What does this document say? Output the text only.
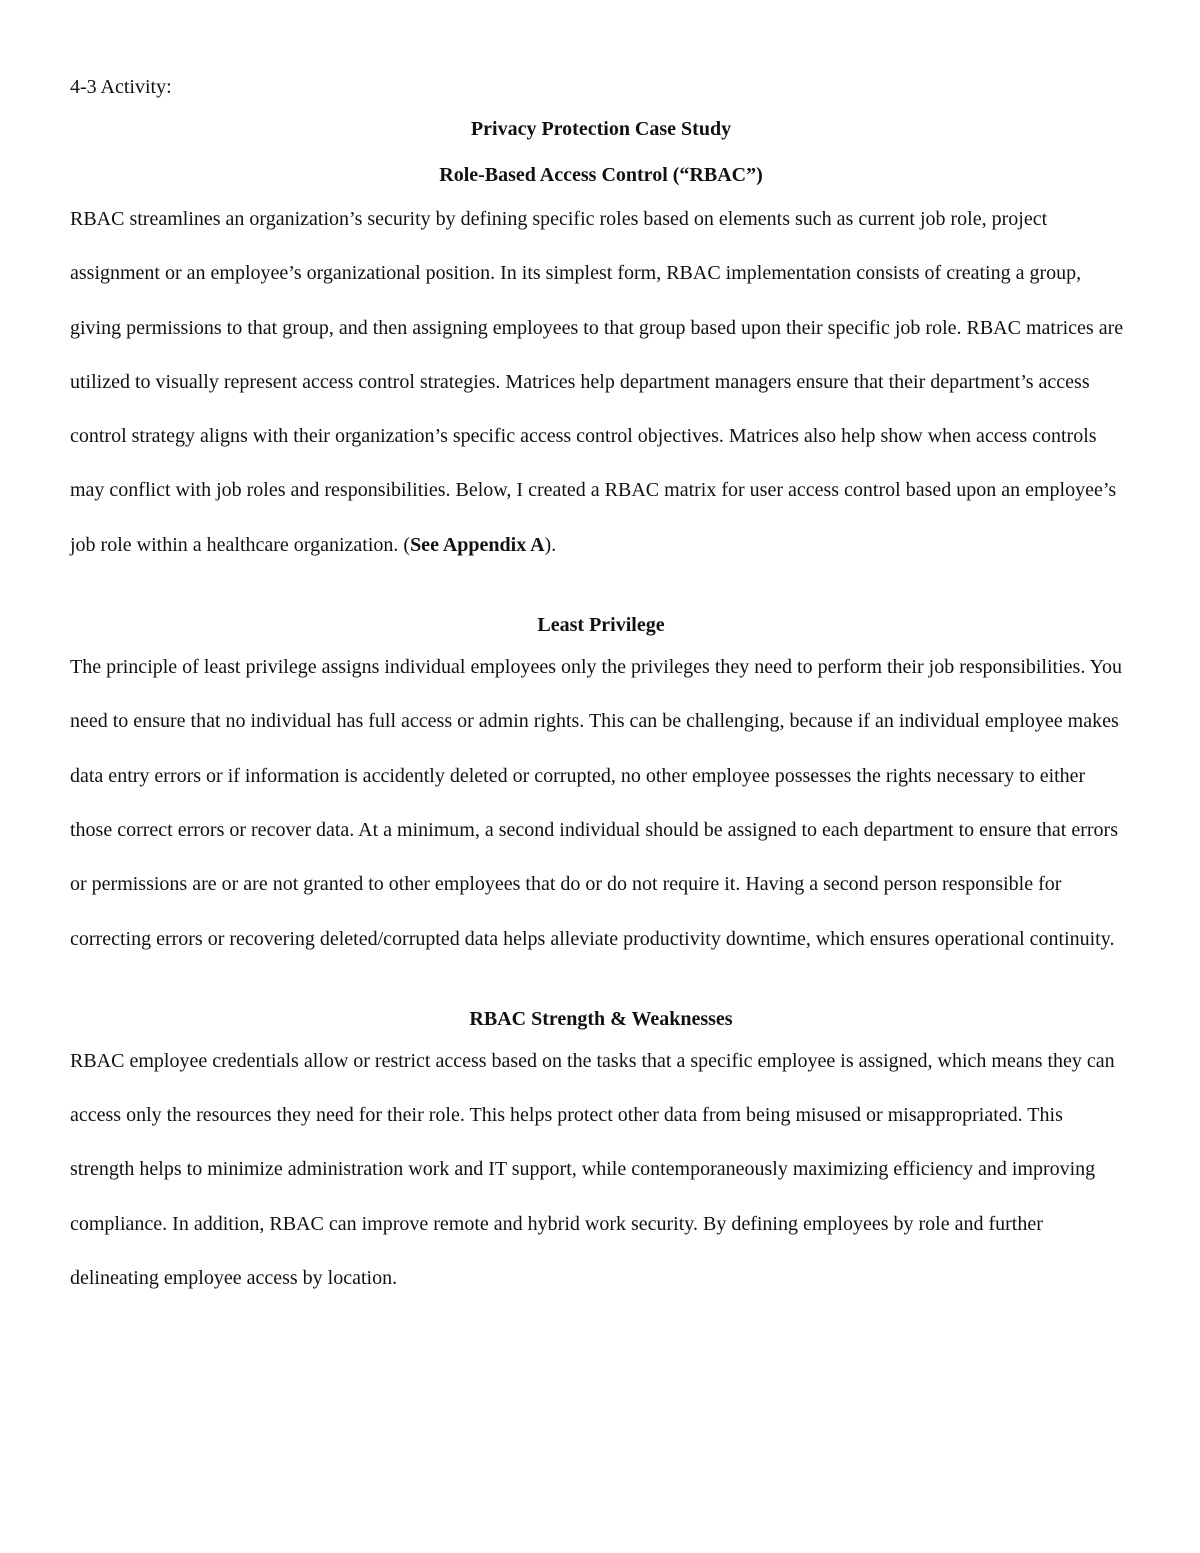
4-3 Activity:

Privacy Protection Case Study
Role-Based Access Control (“RBAC”)

RBAC streamlines an organization’s security by defining specific roles based on elements such as current job role, project assignment or an employee’s organizational position. In its simplest form, RBAC implementation consists of creating a group, giving permissions to that group, and then assigning employees to that group based upon their specific job role. RBAC matrices are utilized to visually represent access control strategies. Matrices help department managers ensure that their department’s access control strategy aligns with their organization’s specific access control objectives. Matrices also help show when access controls may conflict with job roles and responsibilities. Below, I created a RBAC matrix for user access control based upon an employee’s job role within a healthcare organization. (See Appendix A).

Least Privilege

The principle of least privilege assigns individual employees only the privileges they need to perform their job responsibilities. You need to ensure that no individual has full access or admin rights. This can be challenging, because if an individual employee makes data entry errors or if information is accidently deleted or corrupted, no other employee possesses the rights necessary to either those correct errors or recover data. At a minimum, a second individual should be assigned to each department to ensure that errors or permissions are or are not granted to other employees that do or do not require it. Having a second person responsible for correcting errors or recovering deleted/corrupted data helps alleviate productivity downtime, which ensures operational continuity.

RBAC Strength & Weaknesses

RBAC employee credentials allow or restrict access based on the tasks that a specific employee is assigned, which means they can access only the resources they need for their role. This helps protect other data from being misused or misappropriated. This strength helps to minimize administration work and IT support, while contemporaneously maximizing efficiency and improving compliance. In addition, RBAC can improve remote and hybrid work security. By defining employees by role and further delineating employee access by location.
